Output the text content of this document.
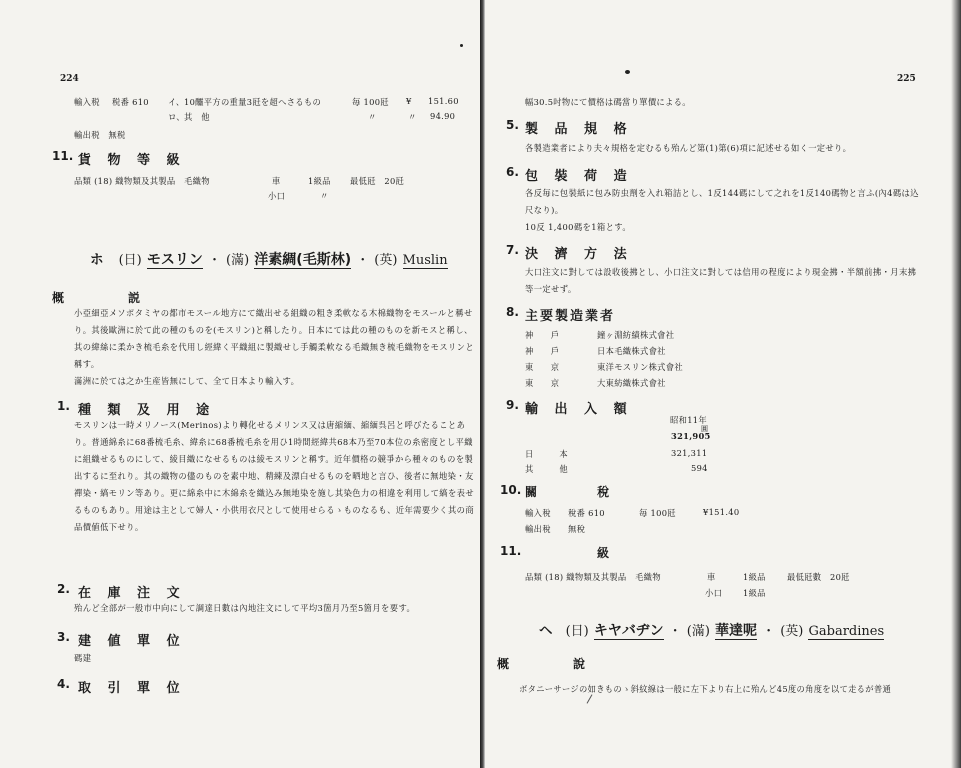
224
輸入税 税番 610 イ、 10𨤍平方の重量3瓩を超へさるもの	毎 100瓩 ¥ 151.60
ロ、 其　他	〃	〃 94.90
輸出税　無税
11. 貨 物 等 級
品類 (18) 織物類及其製品　毛織物	車	1級品 最低瓩　20瓩
小口	〃
ホ (日) モスリン ・ (滿) 洋素綢(毛斯林) ・ (英) Muslin
概	説
小亞細亞メソポタミヤの都市モスール地方にて織出せる組織の粗き柔軟なる木棉織物をモスールと稱せり。其後歐洲に於て此の種のものを(モスリン)と稱したり。日本にては此の種のものを新モスと稱し、其の緯絲に柔かき梳毛糸を代用し經緯く平織組に製織せし手觸柔軟なる毛織無き梳毛織物をモスリンと稱す。
滿洲に於ては之か生産皆無にして、全て日本より輸入す。
1. 種 類 及 用 途
モスリンは一時メリノース(Merinos)より轉化せるメリンス又は唐縮緬、縮緬呉呂と呼びたることあり。普通綿糸に68番梳毛糸、緯糸に68番梳毛糸を用ひ1時間經緯共68本乃至70本位の糸密度とし平織に組織せるものにして、綾目織になせるものは綾モスリンと稱す。近年價格の競爭から種々のものを製出するに至れり。其の織物の儘のものを素中地、精練及漂白せるものを晒地と言ひ、後者に無地染・友禪染・縞モリン等あり。更に綿糸中に木綿糸を織込み無地染を施し其染色力の相違を利用して縞を表せるものもあり。用途は主として婦人・小供用衣尺として使用せらるゝものなるも、近年需要少く其の商品價値低下せり。
2. 在 庫 注 文
殆んど全部が一般市中向にして調達日數は內地注文にして平均3箇月乃至5箇月を要す。
3. 建 値 單 位
碼建
4. 取 引 單 位
225
幅30.5吋物にて價格は碼當り單價による。
5. 製 品 規 格
各製造業者により夫々規格を定むるも殆んど第(1)第(6)項に記述せる如く一定せり。
6. 包 裝 荷 造
各反毎に包裝紙に包み防虫劑を入れ箱詰とし、1反144碼にして之れを1反140碼物と言ふ(內4碼は込尺なり)。
10反 1,400碼を1箱とす。
7. 決 濟 方 法
大口注文に對しては設收後拂とし、小口注文に對しては信用の程度により現金拂・半額前拂・月末拂等一定せず。
8. 主要製造業者
神　　戶	鐘ヶ淵紡績株式會社
神　　戶	日本毛織株式會社
東　　京	東洋モスリン株式會社
東　　京	大東紡織株式會社
9. 輸 出 入 額
昭和11年
圓
321,905
日　　　本	321,311
其　　　他	594
10. 關	稅
輸入稅　　稅番 610	毎 100瓩	¥151.40
輸出稅　　無稅
11.	級
品類 (18) 織物類及其製品　毛織物	車	1級品	最低瓩數　20瓩
小口	1級品
ヘ (日) キヤバヂン ・ (滿) 華達呢 ・ (英) Gabardines
概	說
ボタニーサージの如きものゝ斜紋線は一般に左下より右上に殆んど45度の角度を以て走るが普通
